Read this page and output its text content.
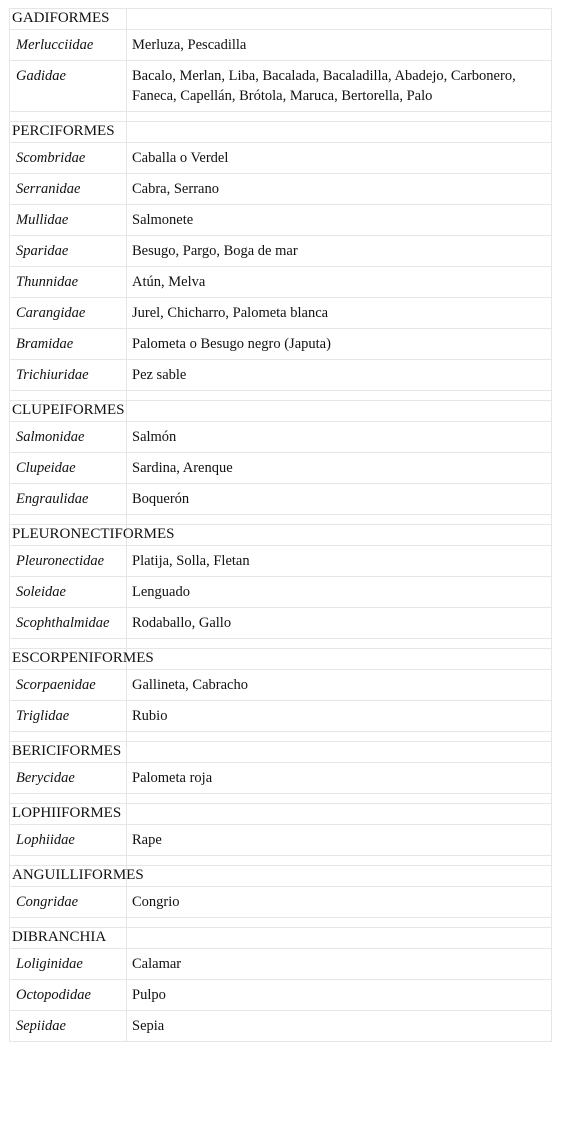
GADIFORMES	
Merlucciidae	Merluza, Pescadilla
Gadidae	Bacalo, Merlan, Liba, Bacalada, Bacaladilla, Abadejo, Carbonero, Faneca, Capellán, Brótola, Maruca, Bertorella, Palo

PERCIFORMES	
Scombridae	Caballa o Verdel
Serranidae	Cabra, Serrano
Mullidae	Salmonete
Sparidae	Besugo, Pargo, Boga de mar
Thunnidae	Atún, Melva
Carangidae	Jurel, Chicharro, Palometa blanca
Bramidae	Palometa o Besugo negro (Japuta)
Trichiuridae	Pez sable

CLUPEIFORMES	
Salmonidae	Salmón
Clupeidae	Sardina, Arenque
Engraulidae	Boquerón

PLEURONECTIFORMES	
Pleuronectidae	Platija, Solla, Fletan
Soleidae	Lenguado
Scophthalmidae	Rodaballo, Gallo

ESCORPENIFORMES	
Scorpaenidae	Gallineta, Cabracho
Triglidae	Rubio

BERICIFORMES	
Berycidae	Palometa roja

LOPHIIFORMES	
Lophiidae	Rape

ANGUILLIFORMES	
Congridae	Congrio

DIBRANCHIA	
Loliginidae	Calamar
Octopodidae	Pulpo
Sepiidae	Sepia
